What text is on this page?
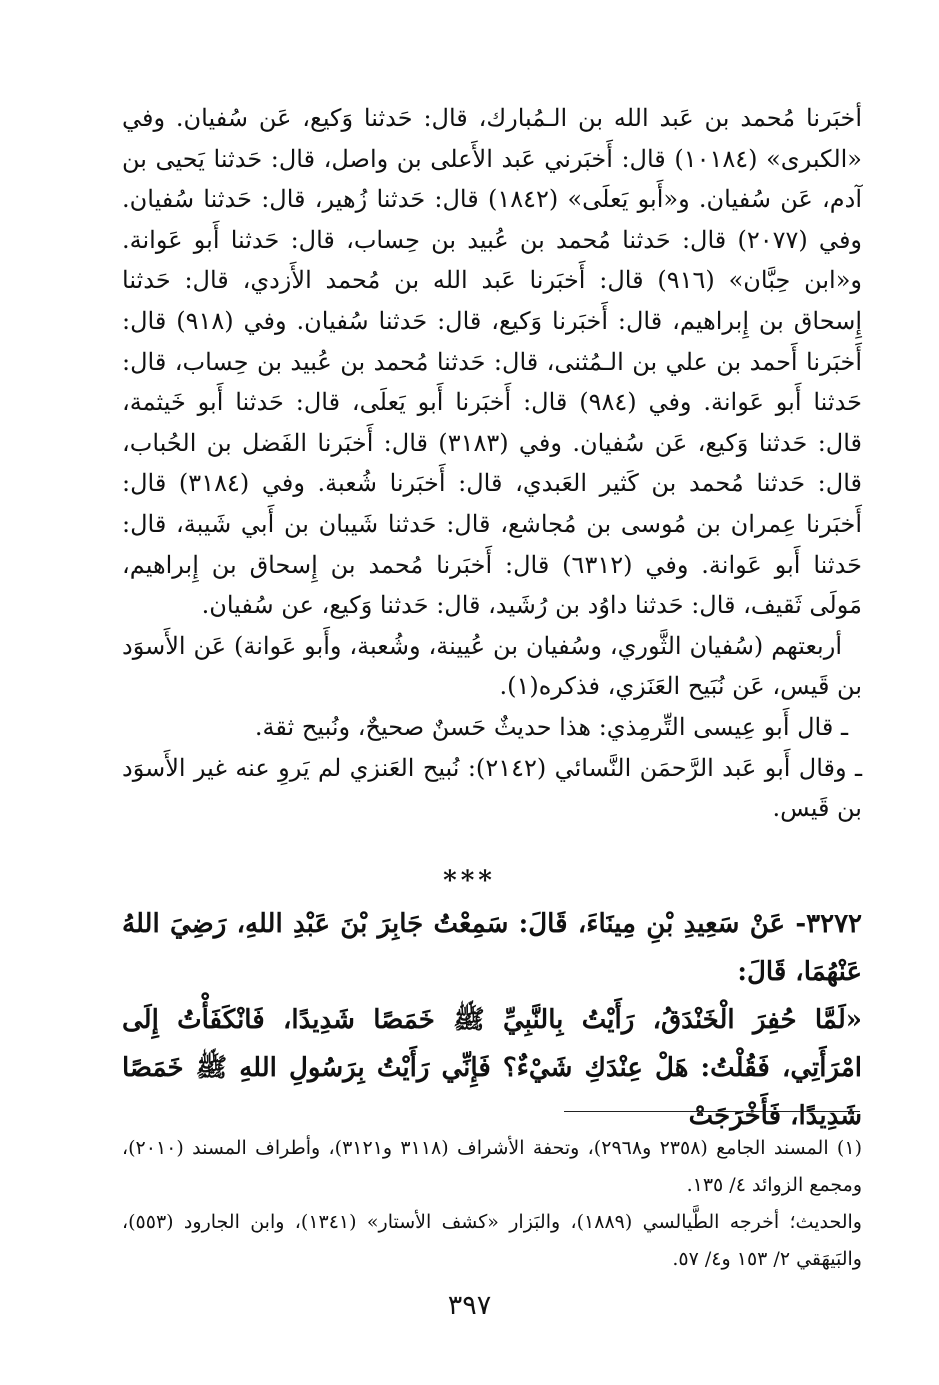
أخبَرنا مُحمد بن عَبد الله بن الـمُبارك، قال: حَدثنا وَكيع، عَن سُفيان. وفي «الكبرى» (١٠١٨٤) قال: أَخبَرني عَبد الأَعلى بن واصل، قال: حَدثنا يَحيى بن آدم، عَن سُفيان. و«أَبو يَعلَى» (١٨٤٢) قال: حَدثنا زُهير، قال: حَدثنا سُفيان. وفي (٢٠٧٧) قال: حَدثنا مُحمد بن عُبيد بن حِساب، قال: حَدثنا أَبو عَوانة. و«ابن حِبَّان» (٩١٦) قال: أَخبَرنا عَبد الله بن مُحمد الأَزدي، قال: حَدثنا إِسحاق بن إِبراهيم، قال: أَخبَرنا وَكيع، قال: حَدثنا سُفيان. وفي (٩١٨) قال: أَخبَرنا أَحمد بن علي بن الـمُثنى، قال: حَدثنا مُحمد بن عُبيد بن حِساب، قال: حَدثنا أَبو عَوانة. وفي (٩٨٤) قال: أَخبَرنا أَبو يَعلَى، قال: حَدثنا أَبو خَيثمة، قال: حَدثنا وَكيع، عَن سُفيان. وفي (٣١٨٣) قال: أَخبَرنا الفَضل بن الحُباب، قال: حَدثنا مُحمد بن كَثير العَبدي، قال: أَخبَرنا شُعبة. وفي (٣١٨٤) قال: أَخبَرنا عِمران بن مُوسى بن مُجاشع، قال: حَدثنا شَيبان بن أَبي شَيبة، قال: حَدثنا أَبو عَوانة. وفي (٦٣١٢) قال: أَخبَرنا مُحمد بن إِسحاق بن إِبراهيم، مَولَى ثَقيف، قال: حَدثنا داوُد بن رُشَيد، قال: حَدثنا وَكيع، عن سُفيان.

أربعتهم (سُفيان الثَّوري، وسُفيان بن عُيينة، وشُعبة، وأَبو عَوانة) عَن الأَسوَد بن قَيس، عَن نُبَيح العَنَزي، فذكره(١).

ـ قال أَبو عِيسى التِّرمِذي: هذا حديثٌ حَسنٌ صحيحٌ، ونُبيح ثقة.

ـ وقال أَبو عَبد الرَّحمَن النَّسائي (٢١٤٢): نُبيح العَنزي لم يَروِ عنه غير الأَسوَد بن قَيس.

***

٣٢٧٢- عَنْ سَعِيدِ بْنِ مِينَاءَ، قَالَ: سَمِعْتُ جَابِرَ بْنَ عَبْدِ اللهِ، رَضِيَ اللهُ عَنْهُمَا، قَالَ:

«لَمَّا حُفِرَ الْخَنْدَقُ، رَأَيْتُ بِالنَّبِيِّ ﷺ خَمَصًا شَدِيدًا، فَانْكَفَأْتُ إِلَى امْرَأَتِي، فَقُلْتُ: هَلْ عِنْدَكِ شَيْءٌ؟ فَإِنِّي رَأَيْتُ بِرَسُولِ اللهِ ﷺ خَمَصًا شَدِيدًا، فَأَخْرَجَتْ

(١) المسند الجامع (٢٣٥٨ و٢٩٦٨)، وتحفة الأشراف (٣١١٨ و٣١٢١)، وأطراف المسند (٢٠١٠)، ومجمع الزوائد ٤/ ١٣٥.

والحديث؛ أخرجه الطَّيالسي (١٨٨٩)، والبَزار «كشف الأستار» (١٣٤١)، وابن الجارود (٥٥٣)، والبَيهَقي ٢/ ١٥٣ و٤/ ٥٧.

٣٩٧
